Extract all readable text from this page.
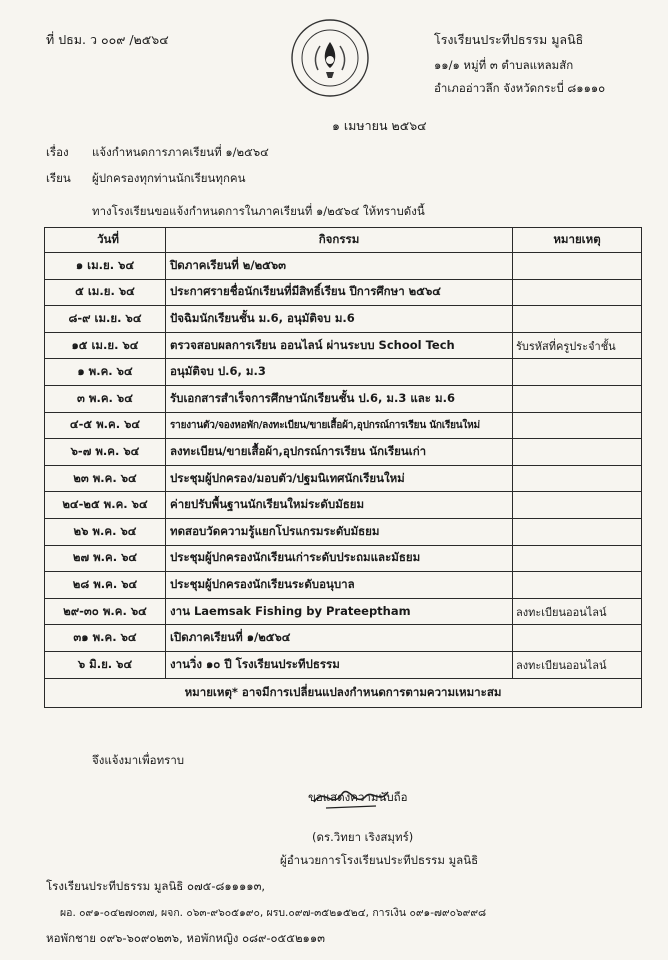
ที่ ปธม. ว ๐๐๙ /๒๕๖๔	โรงเรียนประทีปธรรม มูลนิธิ
๑๑/๑ หมู่ที่ ๓ ตำบลแหลมสัก
อำเภออ่าวลึก จังหวัดกระบี่ ๘๑๑๑๐
๑ เมษายน ๒๕๖๔
เรื่อง แจ้งกำหนดการภาคเรียนที่ ๑/๒๕๖๔
เรียน ผู้ปกครองทุกท่านนักเรียนทุกคน
ทางโรงเรียนขอแจ้งกำหนดการในภาคเรียนที่ ๑/๒๕๖๔ ให้ทราบดังนี้
วันที่	กิจกรรม	หมายเหตุ
๑ เม.ย. ๖๔	ปิดภาคเรียนที่ ๒/๒๕๖๓	
๕ เม.ย. ๖๔	ประกาศรายชื่อนักเรียนที่มีสิทธิ์เรียน ปีการศึกษา ๒๕๖๔	
๘-๙ เม.ย. ๖๔	ปัจฉิมนักเรียนชั้น ม.6, อนุมัติจบ ม.6	
๑๕ เม.ย. ๖๔	ตรวจสอบผลการเรียน ออนไลน์ ผ่านระบบ School Tech	รับรหัสที่ครูประจำชั้น
๑ พ.ค. ๖๔	อนุมัติจบ ป.6, ม.3	
๓ พ.ค. ๖๔	รับเอกสารสำเร็จการศึกษานักเรียนชั้น ป.6, ม.3 และ ม.6	
๔-๕ พ.ค. ๖๔	รายงานตัว/จองหอพัก/ลงทะเบียน/ขายเสื้อผ้า,อุปกรณ์การเรียน นักเรียนใหม่	
๖-๗ พ.ค. ๖๔	ลงทะเบียน/ขายเสื้อผ้า,อุปกรณ์การเรียน นักเรียนเก่า	
๒๓ พ.ค. ๖๔	ประชุมผู้ปกครอง/มอบตัว/ปฐมนิเทศนักเรียนใหม่	
๒๔-๒๕ พ.ค. ๖๔	ค่ายปรับพื้นฐานนักเรียนใหม่ระดับมัธยม	
๒๖ พ.ค. ๖๔	ทดสอบวัดความรู้แยกโปรแกรมระดับมัธยม	
๒๗ พ.ค. ๖๔	ประชุมผู้ปกครองนักเรียนเก่าระดับประถมและมัธยม	
๒๘ พ.ค. ๖๔	ประชุมผู้ปกครองนักเรียนระดับอนุบาล	
๒๙-๓๐ พ.ค. ๖๔	งาน Laemsak Fishing by Prateeptham	ลงทะเบียนออนไลน์
๓๑ พ.ค. ๖๔	เปิดภาคเรียนที่ ๑/๒๕๖๔	
๖ มิ.ย. ๖๔	งานวิ่ง ๑๐ ปี โรงเรียนประทีปธรรม	ลงทะเบียนออนไลน์
หมายเหตุ* อาจมีการเปลี่ยนแปลงกำหนดการตามความเหมาะสม		
จึงแจ้งมาเพื่อทราบ
ขอแสดงความนับถือ
(ดร.วิทยา เริงสมุทร์)
ผู้อำนวยการโรงเรียนประทีปธรรม มูลนิธิ
โรงเรียนประทีปธรรม มูลนิธิ ๐๗๕-๘๑๑๑๑๓,
ผอ. ๐๙๑-๐๔๒๗๐๓๗, ผจก. ๐๖๓-๙๖๐๕๑๙๐, ผรบ.๐๙๗-๓๕๒๑๕๒๔, การเงิน ๐๙๑-๗๙๐๖๙๙๘
หอพักชาย ๐๙๖-๖๐๙๐๒๓๖, หอพักหญิง ๐๘๙-๐๕๕๒๑๑๓
